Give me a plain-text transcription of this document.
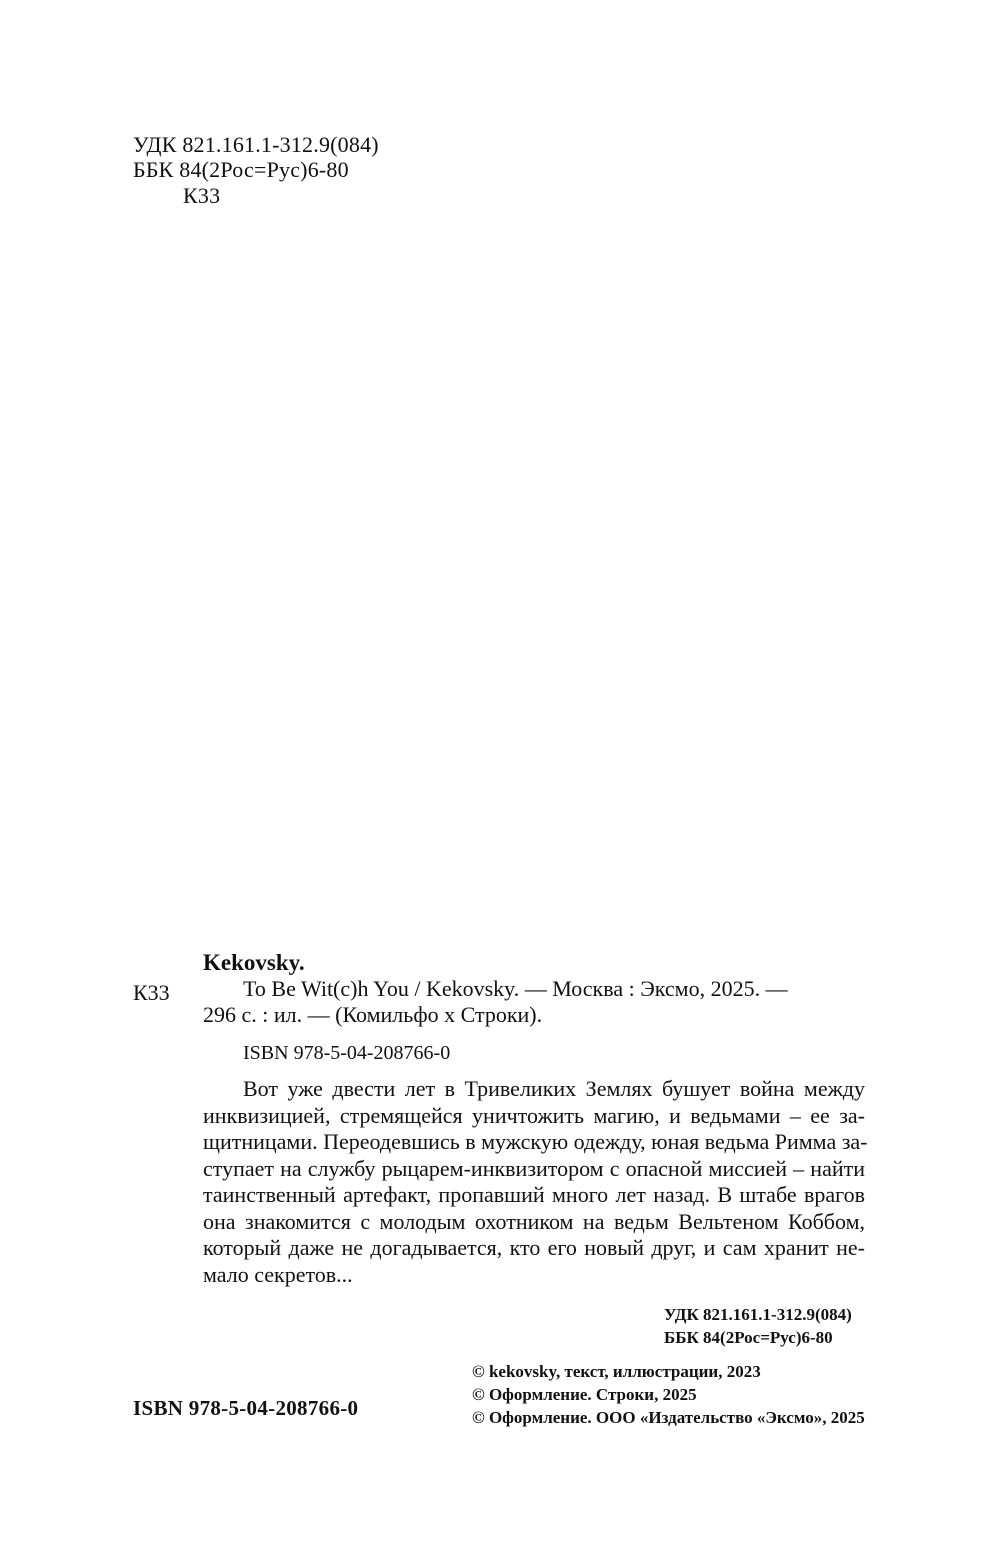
УДК 821.161.1-312.9(084)
ББК 84(2Рос=Рус)6-80
К33
Kekovsky.
К33	To Be Wit(c)h You / Kekovsky. — Москва : Эксмо, 2025. —
296 с. : ил. — (Комильфо х Строки).
ISBN 978-5-04-208766-0
Вот уже двести лет в Тривеликих Землях бушует война между
инквизицией, стремящейся уничтожить магию, и ведьмами – ее за-
щитницами. Переодевшись в мужскую одежду, юная ведьма Римма за-
ступает на службу рыцарем-инквизитором с опасной миссией – найти
таинственный артефакт, пропавший много лет назад. В штабе врагов
она знакомится с молодым охотником на ведьм Вельтеном Коббом,
который даже не догадывается, кто его новый друг, и сам хранит не-
мало секретов...
УДК 821.161.1-312.9(084)
ББК 84(2Рос=Рус)6-80
© kekovsky, текст, иллюстрации, 2023
© Оформление. Строки, 2025
© Оформление. ООО «Издательство «Эксмо», 2025
ISBN 978-5-04-208766-0
